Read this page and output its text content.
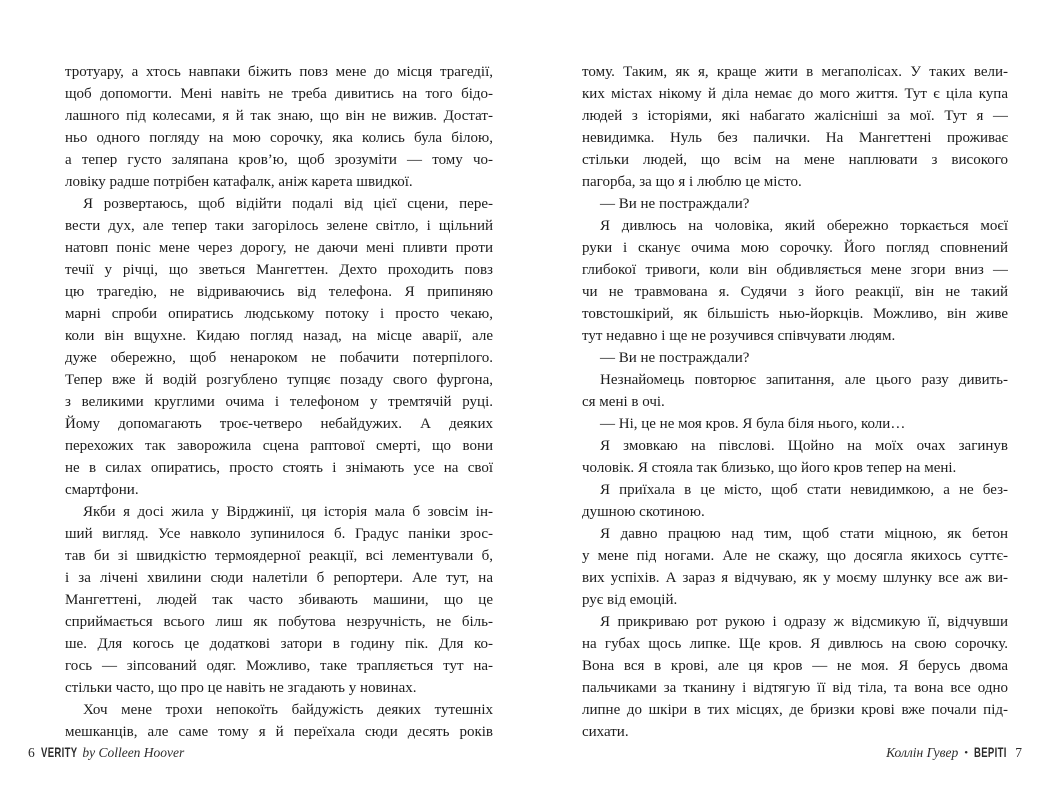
тротуару, а хтось навпаки біжить повз мене до місця трагедії,
щоб допомогти. Мені навіть не треба дивитись на того бідо-
лашного під колесами, я й так знаю, що він не вижив. Достат-
ньо одного погляду на мою сорочку, яка колись була білою,
а тепер густо заляпана кров’ю, щоб зрозуміти — тому чо-
ловіку радше потрібен катафалк, аніж карета швидкої.
Я розвертаюсь, щоб відійти подалі від цієї сцени, пере-
вести дух, але тепер таки загорілось зелене світло, і щільний
натовп поніс мене через дорогу, не даючи мені пливти проти
течії у річці, що зветься Мангеттен. Дехто проходить повз
цю трагедію, не відриваючись від телефона. Я припиняю
марні спроби опиратись людському потоку і просто чекаю,
коли він вщухне. Кидаю погляд назад, на місце аварії, але
дуже обережно, щоб ненароком не побачити потерпілого.
Тепер вже й водій розгублено тупцяє позаду свого фургона,
з великими круглими очима і телефоном у тремтячій руці.
Йому допомагають троє-четверо небайдужих. А деяких
перехожих так заворожила сцена раптової смерті, що вони
не в силах опиратись, просто стоять і знімають усе на свої
смартфони.
Якби я досі жила у Вірджинії, ця історія мала б зовсім ін-
ший вигляд. Усе навколо зупинилося б. Градус паніки зрос-
тав би зі швидкістю термоядерної реакції, всі лементували б,
і за лічені хвилини сюди налетіли б репортери. Але тут, на
Мангеттені, людей так часто збивають машини, що це
сприймається всього лиш як побутова незручність, не біль-
ше. Для когось це додаткові затори в годину пік. Для ко-
гось — зіпсований одяг. Можливо, таке трапляється тут на-
стільки часто, що про це навіть не згадають у новинах.
Хоч мене трохи непокоїть байдужість деяких тутешніх
мешканців, але саме тому я й переїхала сюди десять років
тому. Таким, як я, краще жити в мегаполісах. У таких вели-
ких містах нікому й діла немає до мого життя. Тут є ціла купа
людей з історіями, які набагато жалісніші за мої. Тут я —
невидимка. Нуль без палички. На Мангеттені проживає
стільки людей, що всім на мене наплювати з високого
пагорба, за що я і люблю це місто.
— Ви не постраждали?
Я дивлюсь на чоловіка, який обережно торкається моєї
руки і сканує очима мою сорочку. Його погляд сповнений
глибокої тривоги, коли він обдивляється мене згори вниз —
чи не травмована я. Судячи з його реакції, він не такий
товстошкірий, як більшість нью-йоркців. Можливо, він живе
тут недавно і ще не розучився співчувати людям.
— Ви не постраждали?
Незнайомець повторює запитання, але цього разу дивить-
ся мені в очі.
— Ні, це не моя кров. Я була біля нього, коли…
Я змовкаю на півслові. Щойно на моїх очах загинув
чоловік. Я стояла так близько, що його кров тепер на мені.
Я приїхала в це місто, щоб стати невидимкою, а не без-
душною скотиною.
Я давно працюю над тим, щоб стати міцною, як бетон
у мене під ногами. Але не скажу, що досягла якихось суттє-
вих успіхів. А зараз я відчуваю, як у моєму шлунку все аж ви-
рує від емоцій.
Я прикриваю рот рукою і одразу ж відсмикую її, відчувши
на губах щось липке. Ще кров. Я дивлюсь на свою сорочку.
Вона вся в крові, але ця кров — не моя. Я берусь двома
пальчиками за тканину і відтягую її від тіла, та вона все одно
липне до шкіри в тих місцях, де бризки крові вже почали під-
сихати.
6 VERITY by Colleen Hoover	Коллін Гувер • ВЕРІТІ 7
